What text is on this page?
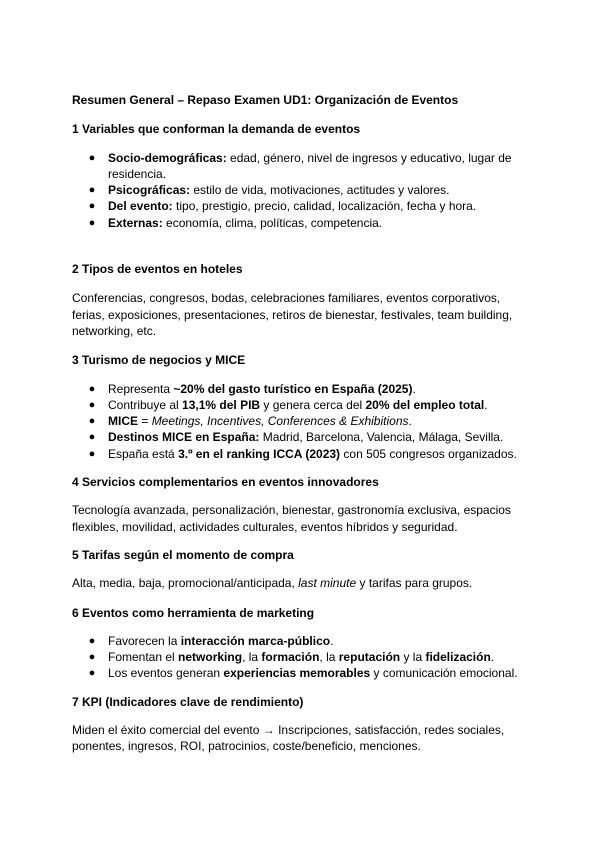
Resumen General – Repaso Examen UD1: Organización de Eventos
1 Variables que conforman la demanda de eventos
● Socio-demográficas: edad, género, nivel de ingresos y educativo, lugar de residencia.
● Psicográficas: estilo de vida, motivaciones, actitudes y valores.
● Del evento: tipo, prestigio, precio, calidad, localización, fecha y hora.
● Externas: economía, clima, políticas, competencia.
2 Tipos de eventos en hoteles

Conferencias, congresos, bodas, celebraciones familiares, eventos corporativos, ferias, exposiciones, presentaciones, retiros de bienestar, festivales, team building, networking, etc.

3 Turismo de negocios y MICE
● Representa ~20% del gasto turístico en España (2025).
● Contribuye al 13,1% del PIB y genera cerca del 20% del empleo total.
● MICE = Meetings, Incentives, Conferences & Exhibitions.
● Destinos MICE en España: Madrid, Barcelona, Valencia, Málaga, Sevilla.
● España está 3.º en el ranking ICCA (2023) con 505 congresos organizados.
4 Servicios complementarios en eventos innovadores

Tecnología avanzada, personalización, bienestar, gastronomía exclusiva, espacios flexibles, movilidad, actividades culturales, eventos híbridos y seguridad.

5 Tarifas según el momento de compra

Alta, media, baja, promocional/anticipada, last minute y tarifas para grupos.

6 Eventos como herramienta de marketing
● Favorecen la interacción marca-público.
● Fomentan el networking, la formación, la reputación y la fidelización.
● Los eventos generan experiencias memorables y comunicación emocional.
7 KPI (Indicadores clave de rendimiento)

Miden el éxito comercial del evento → Inscripciones, satisfacción, redes sociales, ponentes, ingresos, ROI, patrocinios, coste/beneficio, menciones.
